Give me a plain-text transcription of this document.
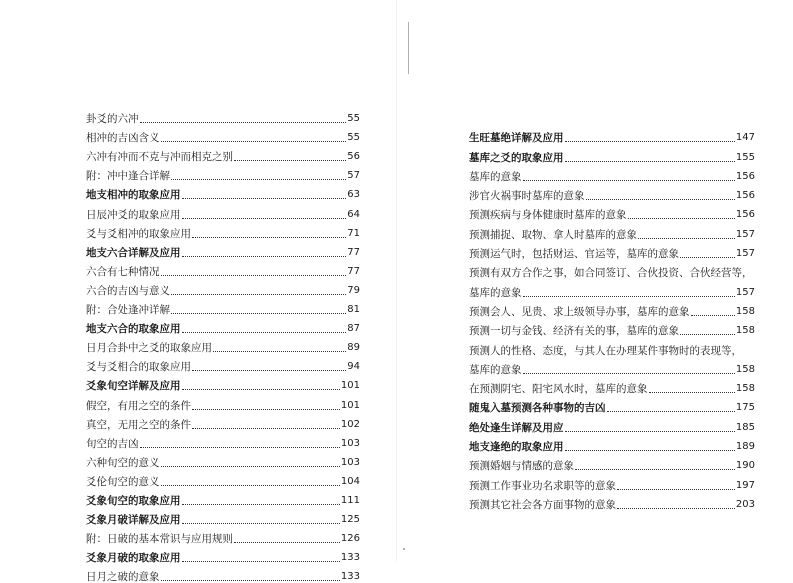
卦爻的六冲	55
相冲的吉凶含义	55
六冲有冲而不克与冲而相克之别	56
附：冲中逢合详解	57
地支相冲的取象应用	63
日辰冲爻的取象应用	64
爻与爻相冲的取象应用	71
地支六合详解及应用	77
六合有七种情况	77
六合的吉凶与意义	79
附：合处逢冲详解	81
地支六合的取象应用	87
日月合卦中之爻的取象应用	89
爻与爻相合的取象应用	94
爻象旬空详解及应用	101
假空，有用之空的条件	101
真空，无用之空的条件	102
旬空的吉凶	103
六种旬空的意义	103
爻伦旬空的意义	104
爻象旬空的取象应用	111
爻象月破详解及应用	125
附：日破的基本常识与应用规则	126
爻象月破的取象应用	133
日月之破的意象	133
生旺墓绝详解及应用	147
墓库之爻的取象应用	155
墓库的意象	156
涉官火祸事时墓库的意象	156
预测疾病与身体健康时墓库的意象	156
预测捕捉、取物、拿人时墓库的意象	157
预测运气时，包括财运、官运等，墓库的意象	157
预测有双方合作之事，如合同签订、合伙投资、合伙经营等，
墓库的意象	157
预测会人、见贵、求上级领导办事，墓库的意象	158
预测一切与金钱、经济有关的事，墓库的意象	158
预测人的性格、态度，与其人在办理某件事物时的表现等，
墓库的意象	158
在预测阴宅、阳宅风水时，墓库的意象	158
随鬼入墓预测各种事物的吉凶	175
绝处逢生详解及用应	185
地支逢绝的取象应用	189
预测婚姻与情感的意象	190
预测工作事业功名求职等的意象	197
预测其它社会各方面事物的意象	203
